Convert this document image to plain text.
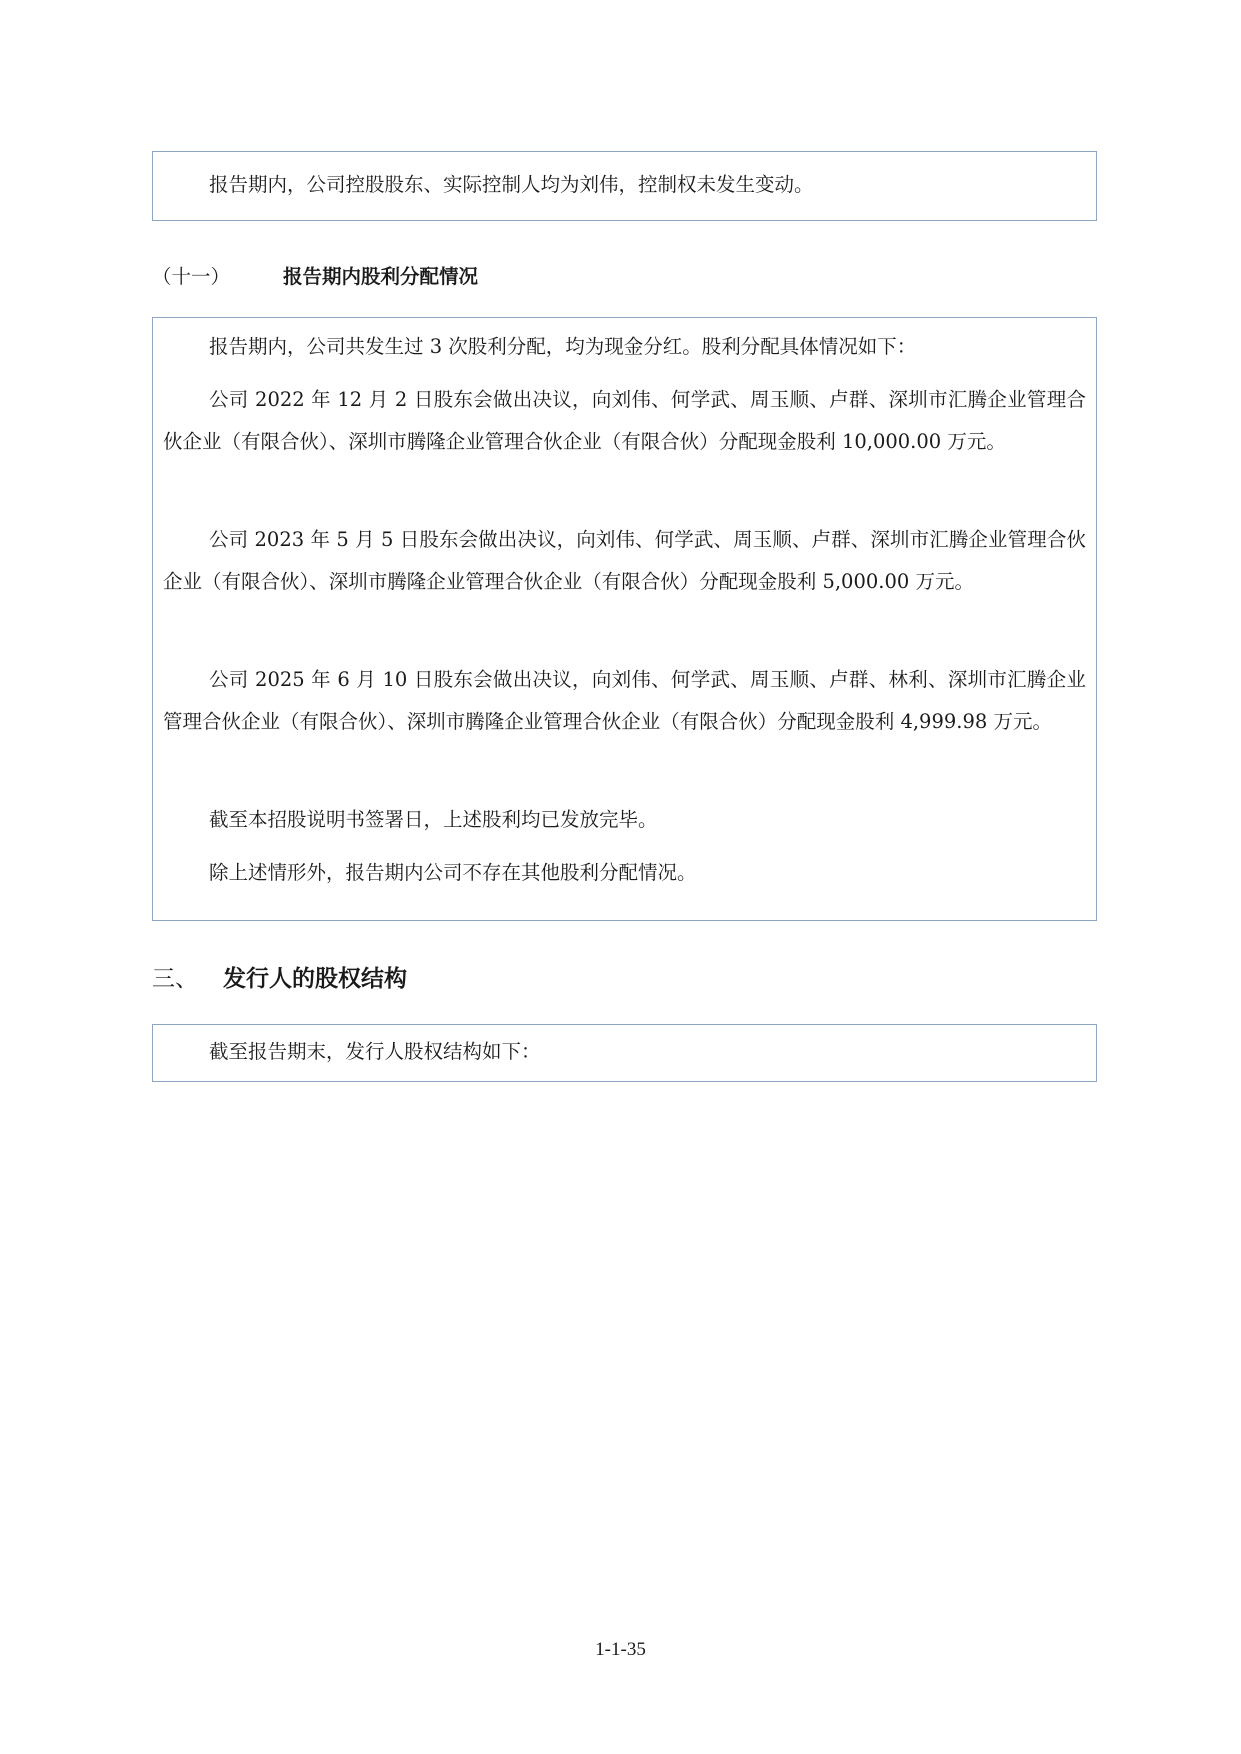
报告期内，公司控股股东、实际控制人均为刘伟，控制权未发生变动。

（十一）	报告期内股利分配情况

报告期内，公司共发生过 3 次股利分配，均为现金分红。股利分配具体情况如下：

公司 2022 年 12 月 2 日股东会做出决议，向刘伟、何学武、周玉顺、卢群、深圳市汇腾企业管理合伙企业（有限合伙）、深圳市腾隆企业管理合伙企业（有限合伙）分配现金股利 10,000.00 万元。

公司 2023 年 5 月 5 日股东会做出决议，向刘伟、何学武、周玉顺、卢群、深圳市汇腾企业管理合伙企业（有限合伙）、深圳市腾隆企业管理合伙企业（有限合伙）分配现金股利 5,000.00 万元。

公司 2025 年 6 月 10 日股东会做出决议，向刘伟、何学武、周玉顺、卢群、林利、深圳市汇腾企业管理合伙企业（有限合伙）、深圳市腾隆企业管理合伙企业（有限合伙）分配现金股利 4,999.98 万元。

截至本招股说明书签署日，上述股利均已发放完毕。

除上述情形外，报告期内公司不存在其他股利分配情况。

三、 发行人的股权结构

截至报告期末，发行人股权结构如下：

1-1-35
